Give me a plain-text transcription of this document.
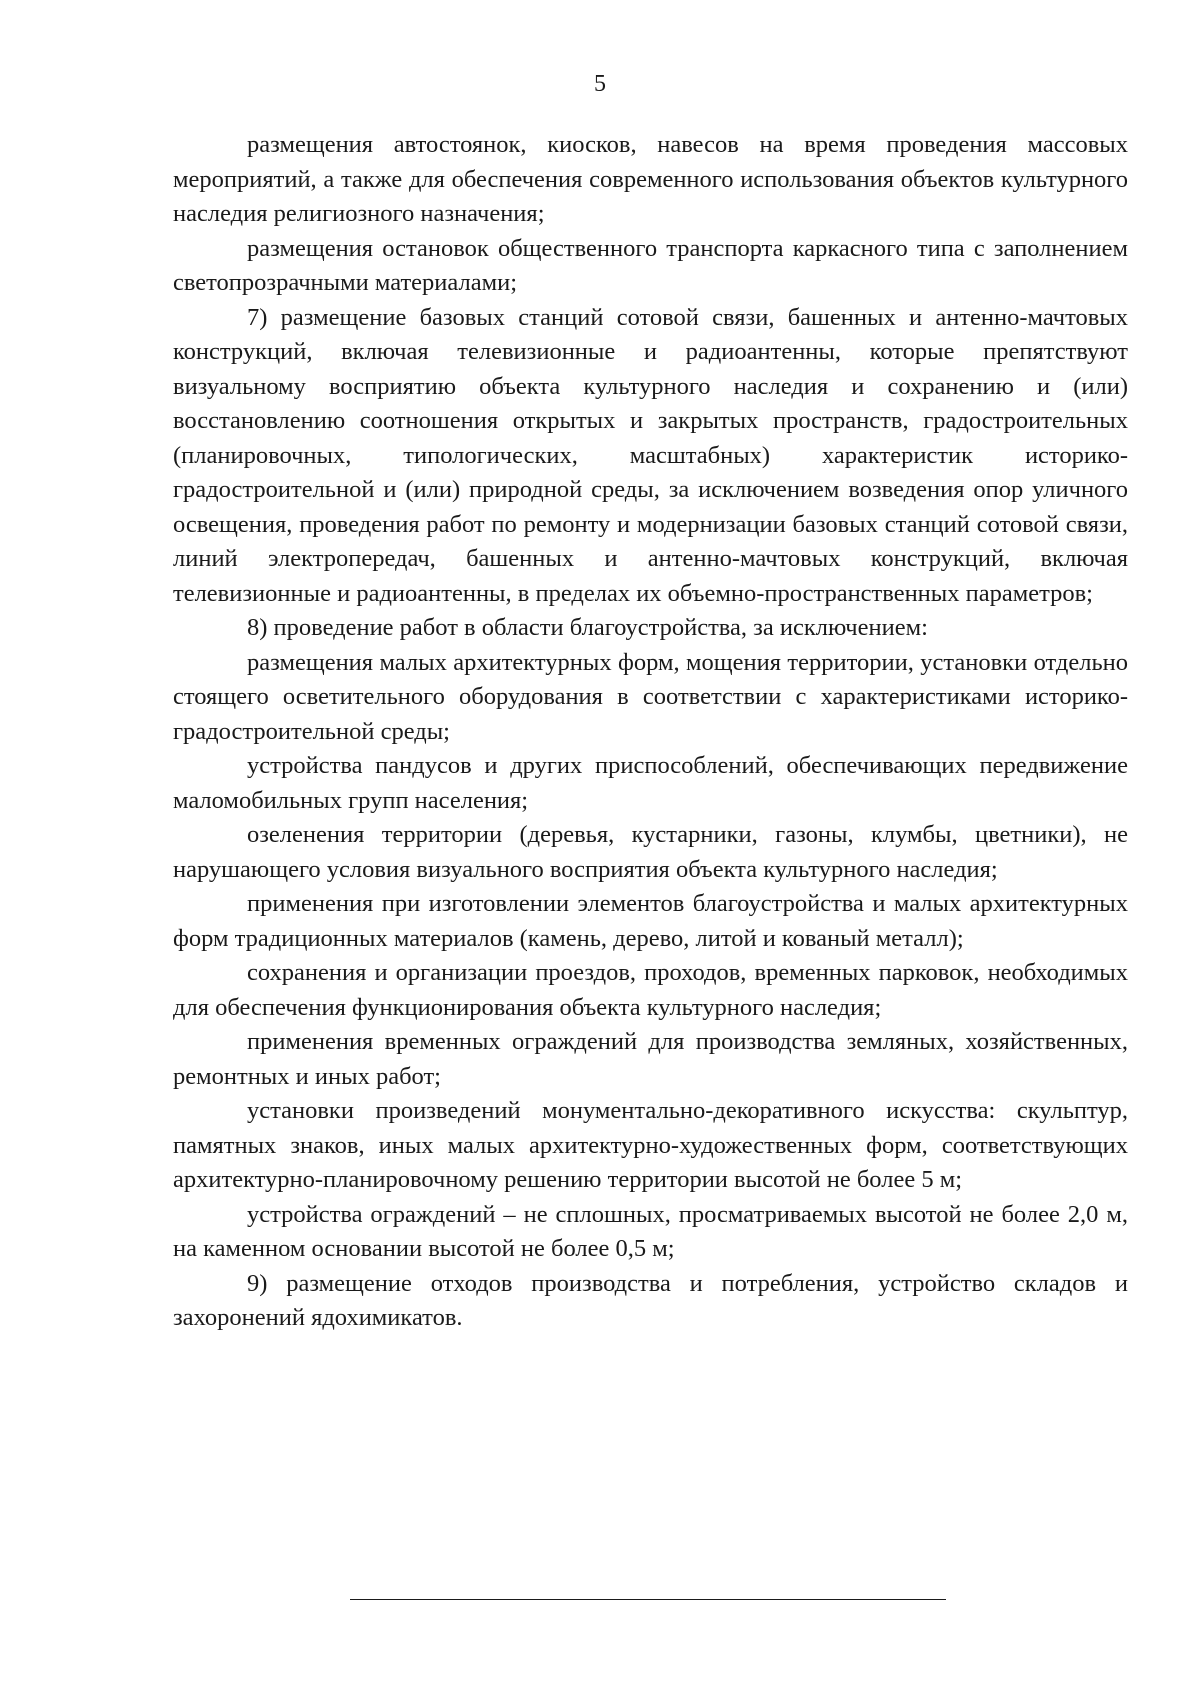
5

размещения автостоянок, киосков, навесов на время проведения массовых мероприятий, а также для обеспечения современного использования объектов культурного наследия религиозного назначения;

размещения остановок общественного транспорта каркасного типа с заполнением светопрозрачными материалами;

7) размещение базовых станций сотовой связи, башенных и антенно-мачтовых конструкций, включая телевизионные и радиоантенны, которые препятствуют визуальному восприятию объекта культурного наследия и сохранению и (или) восстановлению соотношения открытых и закрытых пространств, градостроительных (планировочных, типологических, масштабных) характеристик историко-градостроительной и (или) природной среды, за исключением возведения опор уличного освещения, проведения работ по ремонту и модернизации базовых станций сотовой связи, линий электропередач, башенных и антенно-мачтовых конструкций, включая телевизионные и радиоантенны, в пределах их объемно-пространственных параметров;

8) проведение работ в области благоустройства, за исключением:

размещения малых архитектурных форм, мощения территории, установки отдельно стоящего осветительного оборудования в соответствии с характеристиками историко-градостроительной среды;

устройства пандусов и других приспособлений, обеспечивающих передвижение маломобильных групп населения;

озеленения территории (деревья, кустарники, газоны, клумбы, цветники), не нарушающего условия визуального восприятия объекта культурного наследия;

применения при изготовлении элементов благоустройства и малых архитектурных форм традиционных материалов (камень, дерево, литой и кованый металл);

сохранения и организации проездов, проходов, временных парковок, необходимых для обеспечения функционирования объекта культурного наследия;

применения временных ограждений для производства земляных, хозяйственных, ремонтных и иных работ;

установки произведений монументально-декоративного искусства: скульптур, памятных знаков, иных малых архитектурно-художественных форм, соответствующих архитектурно-планировочному решению территории высотой не более 5 м;

устройства ограждений – не сплошных, просматриваемых высотой не более 2,0 м, на каменном основании высотой не более 0,5 м;

9) размещение отходов производства и потребления, устройство складов и захоронений ядохимикатов.
